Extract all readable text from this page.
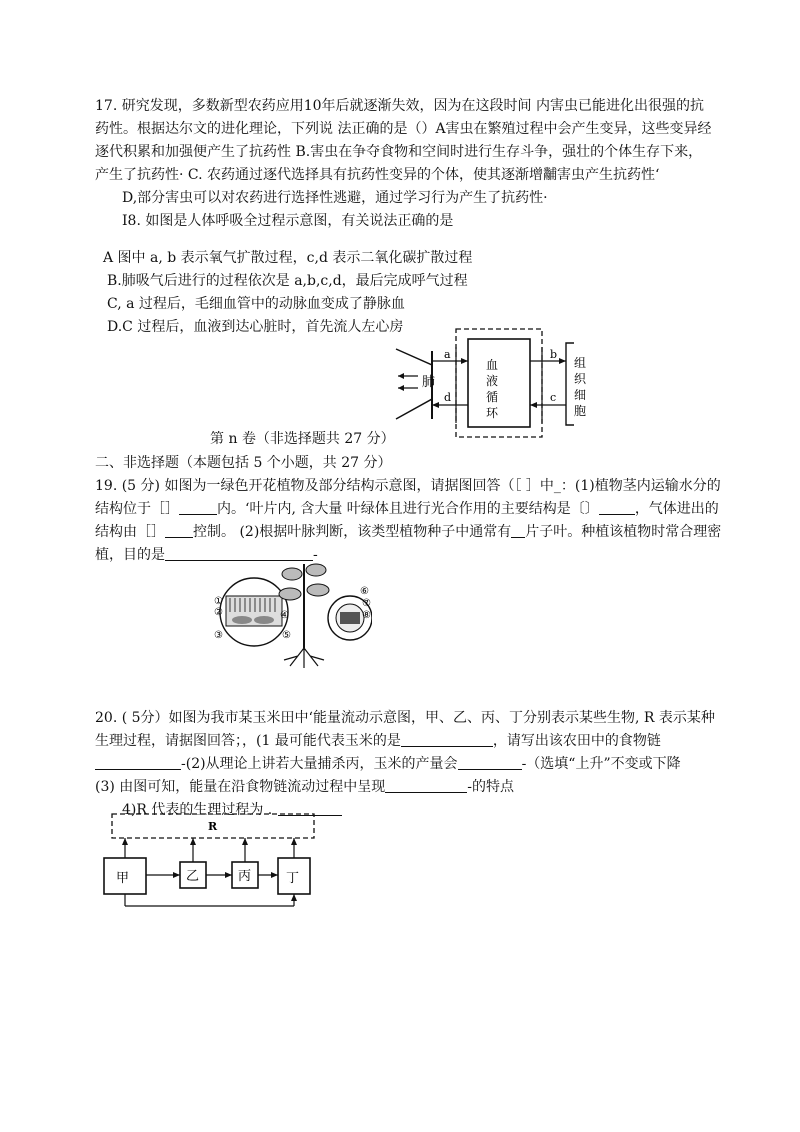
17. 研究发现，多数新型农药应用10年后就逐渐失效，因为在这段时间 内害虫已能进化出很强的抗
药性。根据达尔文的进化理论，下列说 法正确的是（）A害虫在繁殖过程中会产生变异，这些变异经
逐代积累和加强便产生了抗药性 B.害虫在争夺食物和空间时进行生存斗争，强壮的个体生存下来，
产生了抗药性· C. 农药通过逐代选择具有抗药性变异的个体，使其逐渐增黼害虫产生抗药性‘
D,部分害虫可以对农药进行选择性逃避，通过学习行为产生了抗药性·
I8. 如图是人体呼吸全过程示意图，有关说法正确的是
A 图中 a, b 表示氧气扩散过程，c,d 表示二氧化碳扩散过程
B.肺吸气后进行的过程依次是 a,b,c,d，最后完成呼气过程
C, a 过程后，毛细血管中的动脉血变成了静脉血
D.C 过程后，血液到达心脏时，首先流人左心房
肺
血
液
循
环
a
d
b
c
组
织
细
胞
第 n 卷（非选择题共 27 分）
二、非选择题（本题包括 5 个小题，共 27 分）
19. (5 分) 如图为一绿色开花植物及部分结构示意图，请据图回答（［ ］中_：(1)植物茎内运输水分的
结构位于［］	内。‘叶片内, 含大量 叶绿体且进行光合作用的主要结构是〔〕	，气体进出的
结构由［］ 控制。 (2)根据叶脉判断，该类型植物种子中通常有 片子叶。种植该植物时常合理密
植，目的是	-
①
②
③
④
⑤
⑥
⑦
⑧
20. ( 5分）如图为我市某玉米田中‘能量流动示意图，甲、乙、丙、丁分别表示某些生物, R 表示某种
生理过程，请据图回答；，(1 最可能代表玉米的是	，请写出该农田中的食物链
-(2)从理论上讲若大量捕杀丙，玉米的产量会	-（选填“上升”不变或下降
(3) 由图可知，能量在沿食物链流动过程中呈现	-的特点
4)R 代表的生理过程为 .
R
甲	乙	丙	丁
